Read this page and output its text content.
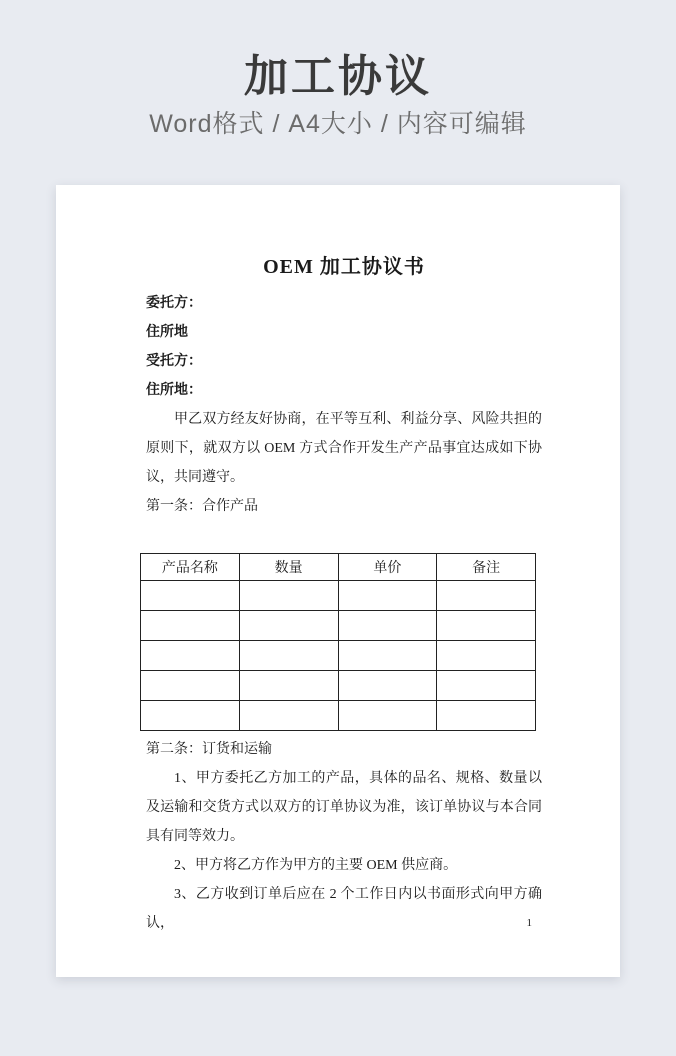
加工协议
Word格式 / A4大小 / 内容可编辑
OEM 加工协议书
委托方：
住所地
受托方：
住所地：

甲乙双方经友好协商，在平等互利、利益分享、风险共担的原则下，就双方以 OEM 方式合作开发生产产品事宜达成如下协议，共同遵守。

第一条：合作产品
产品名称	数量	单价	备注

第二条：订货和运输

1、甲方委托乙方加工的产品，具体的品名、规格、数量以及运输和交货方式以双方的订单协议为准，该订单协议与本合同具有同等效力。

2、甲方将乙方作为甲方的主要 OEM 供应商。

3、乙方收到订单后应在 2 个工作日内以书面形式向甲方确认，	1
